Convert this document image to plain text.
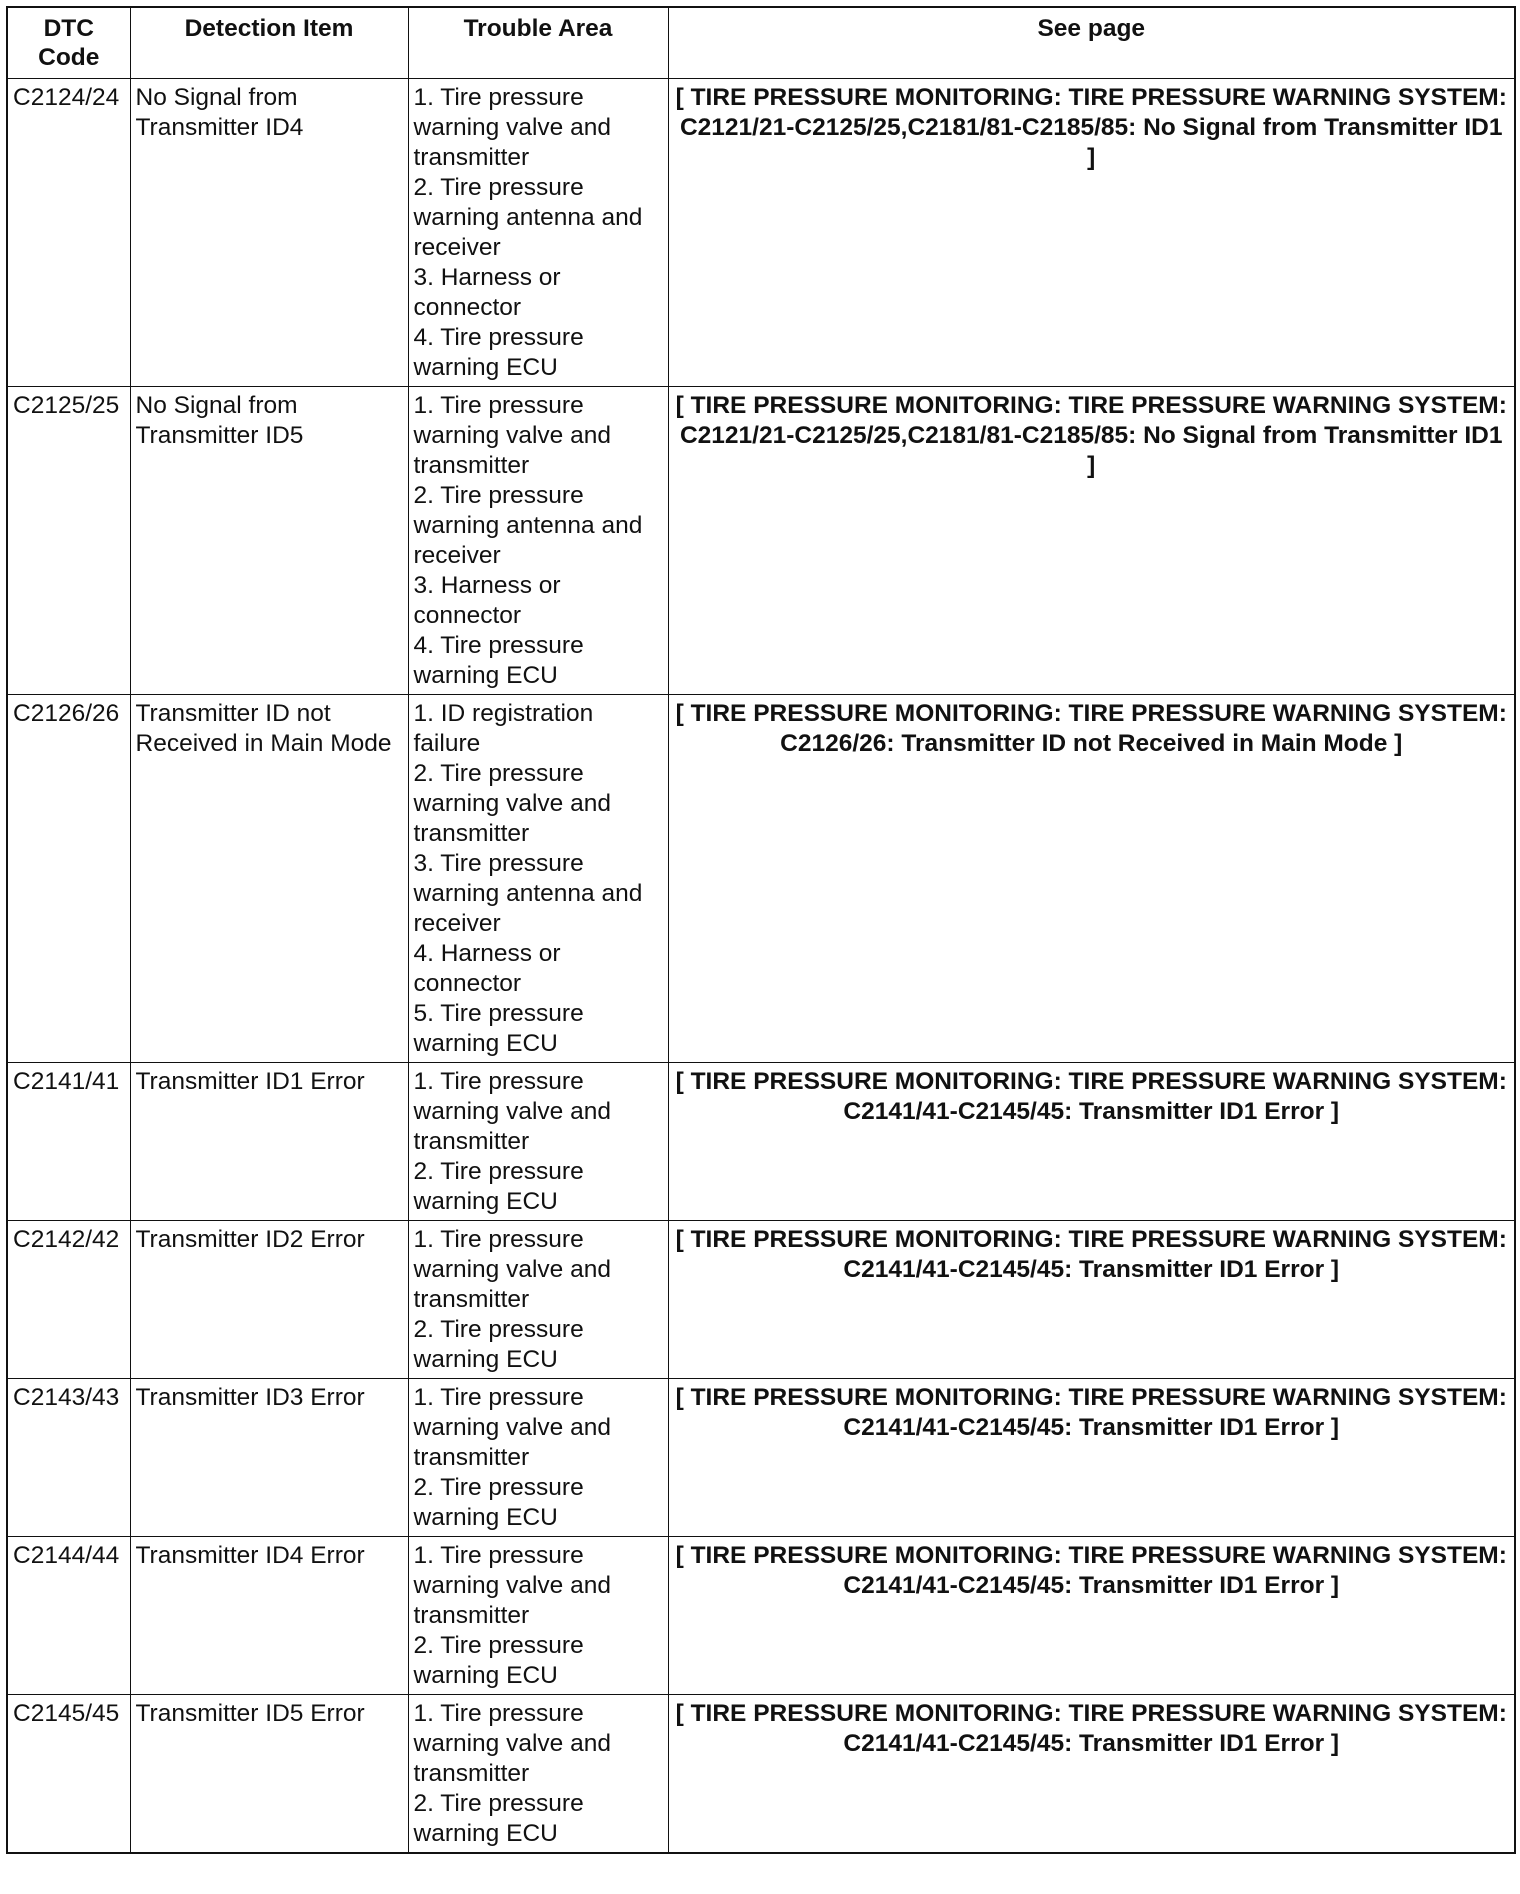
DTC Code	Detection Item	Trouble Area	See page
C2124/24	No Signal from Transmitter ID4	1. Tire pressure warning valve and transmitter
2. Tire pressure warning antenna and receiver
3. Harness or connector
4. Tire pressure warning ECU	[ TIRE PRESSURE MONITORING: TIRE PRESSURE WARNING SYSTEM: C2121/21-C2125/25,C2181/81-C2185/85: No Signal from Transmitter ID1 ]
C2125/25	No Signal from Transmitter ID5	1. Tire pressure warning valve and transmitter
2. Tire pressure warning antenna and receiver
3. Harness or connector
4. Tire pressure warning ECU	[ TIRE PRESSURE MONITORING: TIRE PRESSURE WARNING SYSTEM: C2121/21-C2125/25,C2181/81-C2185/85: No Signal from Transmitter ID1 ]
C2126/26	Transmitter ID not Received in Main Mode	1. ID registration failure
2. Tire pressure warning valve and transmitter
3. Tire pressure warning antenna and receiver
4. Harness or connector
5. Tire pressure warning ECU	[ TIRE PRESSURE MONITORING: TIRE PRESSURE WARNING SYSTEM: C2126/26: Transmitter ID not Received in Main Mode ]
C2141/41	Transmitter ID1 Error	1. Tire pressure warning valve and transmitter
2. Tire pressure warning ECU	[ TIRE PRESSURE MONITORING: TIRE PRESSURE WARNING SYSTEM: C2141/41-C2145/45: Transmitter ID1 Error ]
C2142/42	Transmitter ID2 Error	1. Tire pressure warning valve and transmitter
2. Tire pressure warning ECU	[ TIRE PRESSURE MONITORING: TIRE PRESSURE WARNING SYSTEM: C2141/41-C2145/45: Transmitter ID1 Error ]
C2143/43	Transmitter ID3 Error	1. Tire pressure warning valve and transmitter
2. Tire pressure warning ECU	[ TIRE PRESSURE MONITORING: TIRE PRESSURE WARNING SYSTEM: C2141/41-C2145/45: Transmitter ID1 Error ]
C2144/44	Transmitter ID4 Error	1. Tire pressure warning valve and transmitter
2. Tire pressure warning ECU	[ TIRE PRESSURE MONITORING: TIRE PRESSURE WARNING SYSTEM: C2141/41-C2145/45: Transmitter ID1 Error ]
C2145/45	Transmitter ID5 Error	1. Tire pressure warning valve and transmitter
2. Tire pressure warning ECU	[ TIRE PRESSURE MONITORING: TIRE PRESSURE WARNING SYSTEM: C2141/41-C2145/45: Transmitter ID1 Error ]
